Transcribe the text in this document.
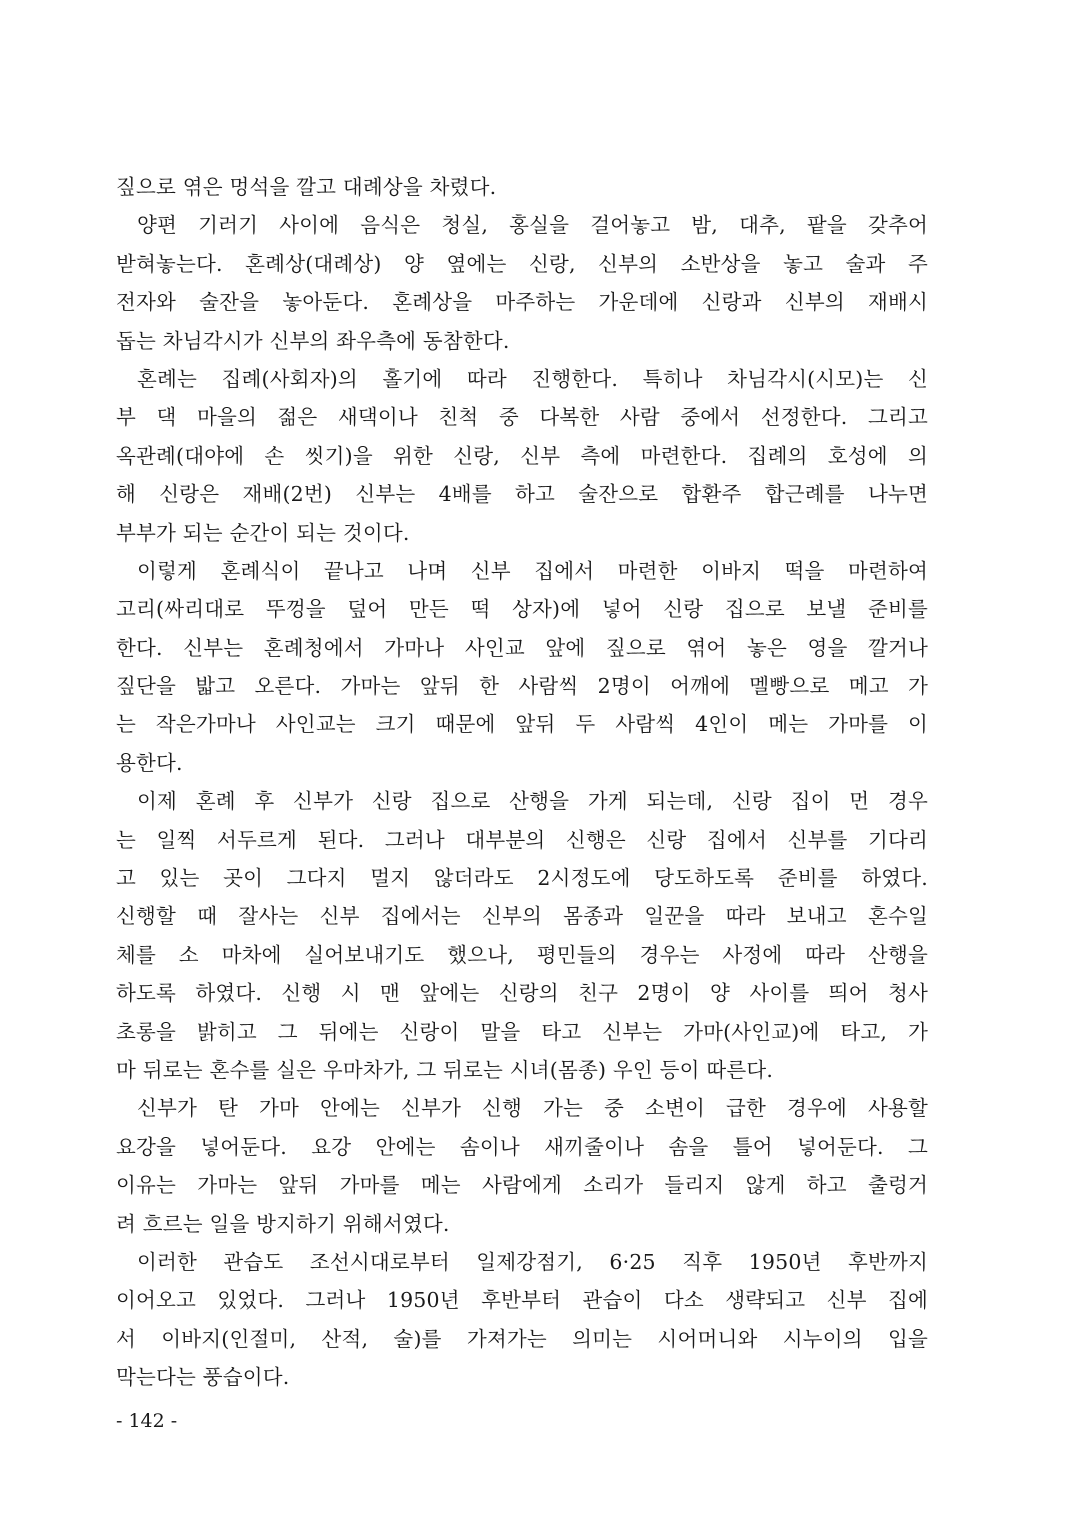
짚으로 엮은 멍석을 깔고 대례상을 차렸다.
양편 기러기 사이에 음식은 청실, 홍실을 걸어놓고 밤, 대추, 팥을 갖추어
받혀놓는다. 혼례상(대례상) 양 옆에는 신랑, 신부의 소반상을 놓고 술과 주
전자와 술잔을 놓아둔다. 혼례상을 마주하는 가운데에 신랑과 신부의 재배시
돕는 차님각시가 신부의 좌우측에 동참한다.
혼례는 집례(사회자)의 홀기에 따라 진행한다. 특히나 차님각시(시모)는 신
부 댁 마을의 젊은 새댁이나 친척 중 다복한 사람 중에서 선정한다. 그리고
옥관례(대야에 손 씻기)을 위한 신랑, 신부 측에 마련한다. 집례의 호성에 의
해 신랑은 재배(2번) 신부는 4배를 하고 술잔으로 합환주 합근례를 나누면
부부가 되는 순간이 되는 것이다.
이렇게 혼례식이 끝나고 나며 신부 집에서 마련한 이바지 떡을 마련하여
고리(싸리대로 뚜껑을 덮어 만든 떡 상자)에 넣어 신랑 집으로 보낼 준비를
한다. 신부는 혼례청에서 가마나 사인교 앞에 짚으로 엮어 놓은 영을 깔거나
짚단을 밟고 오른다. 가마는 앞뒤 한 사람씩 2명이 어깨에 멜빵으로 메고 가
는 작은가마나 사인교는 크기 때문에 앞뒤 두 사람씩 4인이 메는 가마를 이
용한다.
이제 혼례 후 신부가 신랑 집으로 산행을 가게 되는데, 신랑 집이 먼 경우
는 일찍 서두르게 된다. 그러나 대부분의 신행은 신랑 집에서 신부를 기다리
고 있는 곳이 그다지 멀지 않더라도 2시정도에 당도하도록 준비를 하였다.
신행할 때 잘사는 신부 집에서는 신부의 몸종과 일꾼을 따라 보내고 혼수일
체를 소 마차에 실어보내기도 했으나, 평민들의 경우는 사정에 따라 산행을
하도록 하였다. 신행 시 맨 앞에는 신랑의 친구 2명이 양 사이를 띄어 청사
초롱을 밝히고 그 뒤에는 신랑이 말을 타고 신부는 가마(사인교)에 타고, 가
마 뒤로는 혼수를 실은 우마차가, 그 뒤로는 시녀(몸종) 우인 등이 따른다.
신부가 탄 가마 안에는 신부가 신행 가는 중 소변이 급한 경우에 사용할
요강을 넣어둔다. 요강 안에는 솜이나 새끼줄이나 솜을 틀어 넣어둔다. 그
이유는 가마는 앞뒤 가마를 메는 사람에게 소리가 들리지 않게 하고 출렁거
려 흐르는 일을 방지하기 위해서였다.
이러한 관습도 조선시대로부터 일제강점기, 6·25 직후 1950년 후반까지
이어오고 있었다. 그러나 1950년 후반부터 관습이 다소 생략되고 신부 집에
서 이바지(인절미, 산적, 술)를 가져가는 의미는 시어머니와 시누이의 입을
막는다는 풍습이다.
- 142 -
